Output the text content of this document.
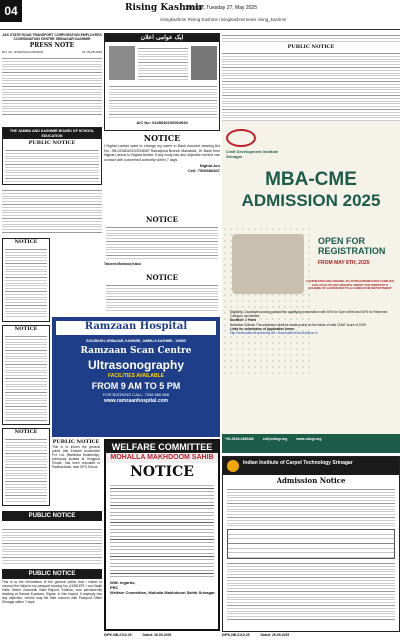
04	Rising Kashmir
Srinagar, Tuesday 27, May 2025
risingkashmir Rising Kashmir risingkashmirnews rising_kashmir
J&K STATE ROAD TRANSPORT CORPORATION EMPLOYEES COORDINATION CENTRE SRINAGAR KASHMIR
PRESS NOTE
Ref. No: JKSRTCECC/2025/01	Dt: 26.05.2025
THE JAMMU AND KASHMIR BOARD OF SCHOOL EDUCATION
PUBLIC NOTICE
NOTICE
NOTICE
NOTICE
ایک عوامی اعلان
A/C No: 0248040100004949
NOTICE
I Nighat Lanker want to change my name in Bank Account bearing Act No.: SB-0248040100018087 Rawalpora Branch Mahabad, JK Bank from Nighat Lankar to Nighat Akhtar. If any body has any objection he/she can contact with concerned authority within 7 days
Nighat Aru
Cell: 7006680847
NOTICE
Tahzeeb Mashooq Kaloo
NOTICE
PUBLIC NOTICE
Craft Development Institute Srinagar
MBA-CME
ADMISSION 2025
OPEN FOR REGISTRATION
FROM MAY 8TH, 2025
CANDIDATES BELONGING TO ARTISANS/WEAVER FAMILIES CAN AVAIL SCHOLARSHIPS UNDER THE MINISTRY'S SCHEME OF HANDICRAFTS & HANDLOOM DEPARTMENT
Eligibility: Candidates having passed the qualifying examination with 50% for Open Merit and 45% for Reserved Category candidates.
Duration: 2 Years
Selection Criteria: The admission shall be made purely on the basis of valid CMAT score of 2025.
Links for submission of Application forms:
http://www.kashmiruniversity.net / www.kashmiruniversity.ac.in
+91-0194-2465480	cdi@cdisgr.org	www.cdisgr.org
Ramzaan Hospital
GOOJBAGH, SRINAGAR, KASHMIR, JAMMU & KASHMIR - 190005
Ramzaan Scan Centre
Ultrasonography
FACILITIES AVAILABLE
FROM 9 AM TO 5 PM
FOR BOOKING CALL: 7006 866 666
www.ramzaanhospital.com
PUBLIC NOTICE
This is to inform the general public that Emaarh Automotive Pvt. Ltd. (Mahindra Dealership), previously located at Tengpora Chowk, has been relocated to Panthachowk, near DPS School.
WELFARE COMMITTEE
MOHALLA MAKHDOOM SAHIB
NOTICE
With regards,
PRC
Welfare Committee, Mohalla Makhdoom Sahib Srinagar.
Indian Institute of Carpet Technology Srinagar
Admission Notice
PUBLIC NOTICE
PUBLIC NOTICE
This is to the information of the general public that I intend to connect the initial to my passport bearing No. A1981879. I am Saqib Hafiz Sekhri Zadoorah Bala Rajouri, Khalina, now permanently residing at Karnas Kupwara, Sigma. In this regard, if anybody has any objection, he/she may file their concern with Passport Office Srinagar within 7 days.
DIPK-NB-2110-25	Dated: 26-05-2025	DIPK-NB-2110-25	Dated: 26-05-2025
